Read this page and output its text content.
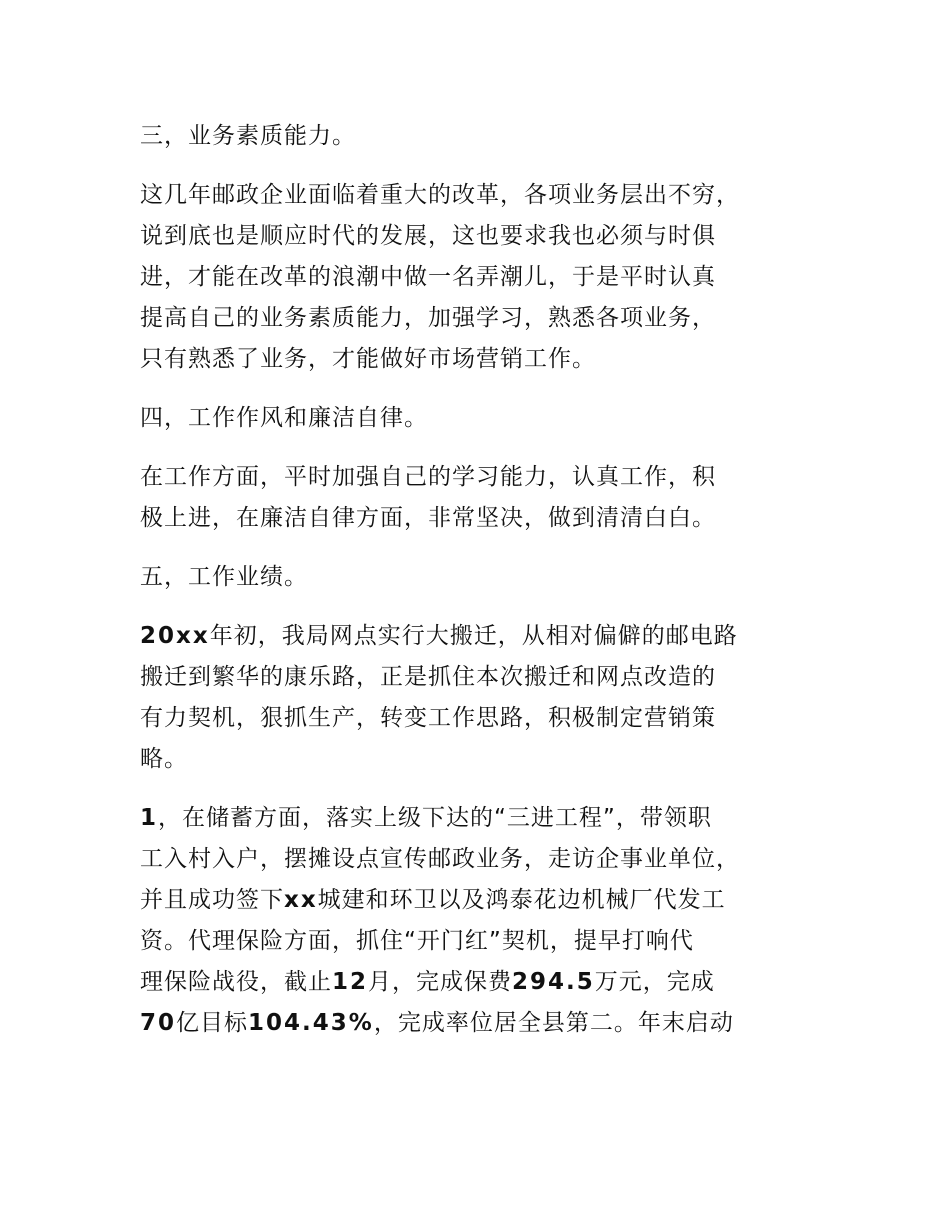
三，业务素质能力。

这几年邮政企业面临着重大的改革，各项业务层出不穷，
说到底也是顺应时代的发展，这也要求我也必须与时俱
进，才能在改革的浪潮中做一名弄潮儿，于是平时认真
提高自己的业务素质能力，加强学习，熟悉各项业务，
只有熟悉了业务，才能做好市场营销工作。

四，工作作风和廉洁自律。

在工作方面，平时加强自己的学习能力，认真工作，积
极上进，在廉洁自律方面，非常坚决，做到清清白白。

五，工作业绩。

20xx年初，我局网点实行大搬迁，从相对偏僻的邮电路
搬迁到繁华的康乐路，正是抓住本次搬迁和网点改造的
有力契机，狠抓生产，转变工作思路，积极制定营销策
略。
1，在储蓄方面，落实上级下达的“三进工程”，带领职
工入村入户，摆摊设点宣传邮政业务，走访企事业单位，
并且成功签下xx城建和环卫以及鸿泰花边机械厂代发工
资。代理保险方面，抓住“开门红”契机，提早打响代
理保险战役，截止12月，完成保费294.5万元，完成
70亿目标104.43%，完成率位居全县第二。年末启动
